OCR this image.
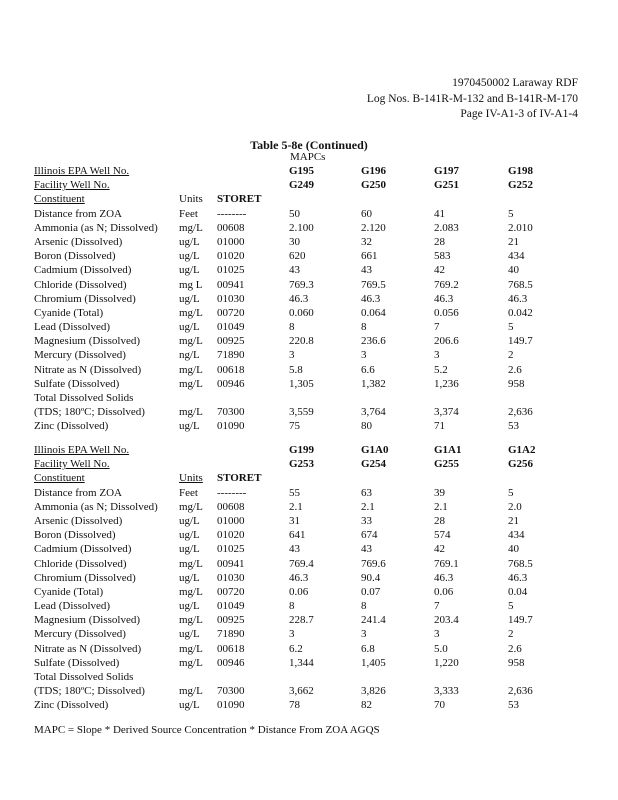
1970450002 Laraway RDF
Log Nos. B-141R-M-132 and B-141R-M-170
Page IV-A1-3 of IV-A1-4
Table 5-8e (Continued)
MAPCs
Illinois EPA Well No.	G195	G196	G197	G198
Facility Well No.	G249	G250	G251	G252
Constituent	Units STORET
Distance from ZOA	Feet --------	50	60	41	5
Ammonia (as N; Dissolved) mg/L 00608	2.100	2.120	2.083	2.010
Arsenic (Dissolved)	ug/L 01000	30	32	28	21
Boron (Dissolved)	ug/L 01020	620	661	583	434
Cadmium (Dissolved)	ug/L 01025	43	43	42	40
Chloride (Dissolved)	mg L 00941	769.3	769.5	769.2	768.5
Chromium (Dissolved)	ug/L 01030	46.3	46.3	46.3	46.3
Cyanide (Total)	mg/L 00720	0.060	0.064	0.056	0.042
Lead (Dissolved)	ug/L 01049	8	8	7	5
Magnesium (Dissolved)	mg/L 00925	220.8	236.6	206.6	149.7
Mercury (Dissolved)	ng/L 71890	3	3	3	2
Nitrate as N (Dissolved)	mg/L 00618	5.8	6.6	5.2	2.6
Sulfate (Dissolved)	mg/L 00946	1,305	1,382	1,236	958
Total Dissolved Solids
(TDS; 180ºC; Dissolved)	mg/L 70300	3,559	3,764	3,374	2,636
Zinc (Dissolved)	ug/L 01090	75	80	71	53
Illinois EPA Well No.	G199	G1A0	G1A1	G1A2
Facility Well No.	G253	G254	G255	G256
Constituent	Units STORET
Distance from ZOA	Feet --------	55	63	39	5
Ammonia (as N; Dissolved) mg/L 00608	2.1	2.1	2.1	2.0
Arsenic (Dissolved)	ug/L 01000	31	33	28	21
Boron (Dissolved)	ug/L 01020	641	674	574	434
Cadmium (Dissolved)	ug/L 01025	43	43	42	40
Chloride (Dissolved)	mg/L 00941	769.4	769.6	769.1	768.5
Chromium (Dissolved)	ug/L 01030	46.3	90.4	46.3	46.3
Cyanide (Total)	mg/L 00720	0.06	0.07	0.06	0.04
Lead (Dissolved)	ug/L 01049	8	8	7	5
Magnesium (Dissolved)	mg/L 00925	228.7	241.4	203.4	149.7
Mercury (Dissolved)	ug/L 71890	3	3	3	2
Nitrate as N (Dissolved)	mg/L 00618	6.2	6.8	5.0	2.6
Sulfate (Dissolved)	mg/L 00946	1,344	1,405	1,220	958
Total Dissolved Solids
(TDS; 180ºC; Dissolved)	mg/L 70300	3,662	3,826	3,333	2,636
Zinc (Dissolved)	ug/L 01090	78	82	70	53
MAPC = Slope * Derived Source Concentration * Distance From ZOA AGQS
